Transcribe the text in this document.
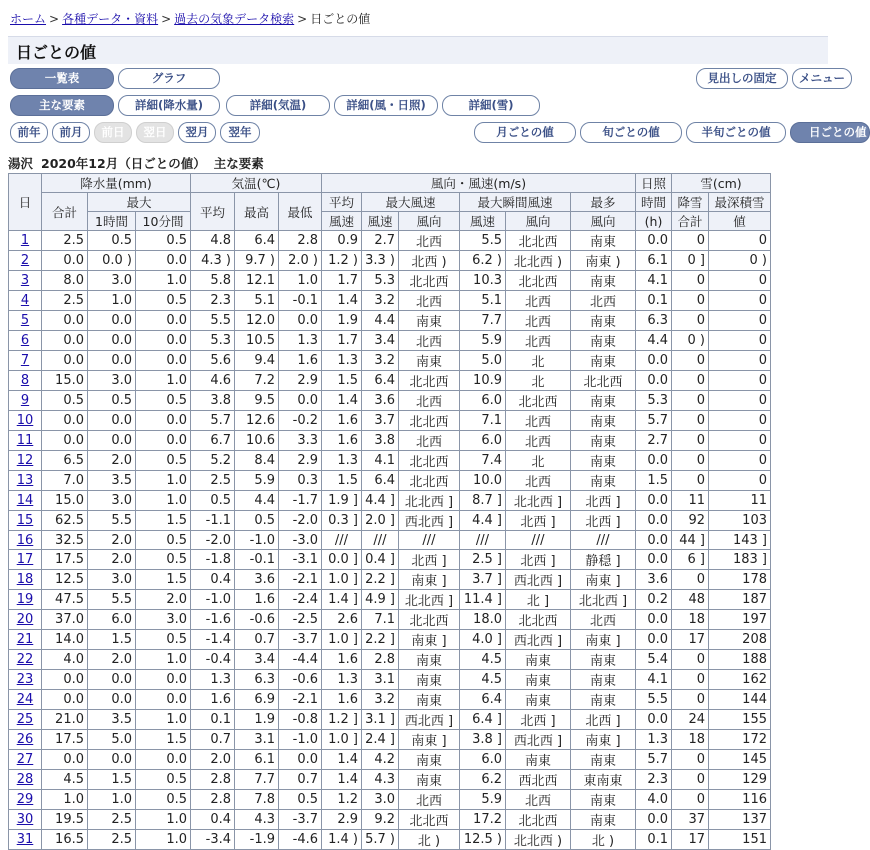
ホーム > 各種データ・資料 > 過去の気象データ検索 > 日ごとの値
日ごとの値
一覧表	グラフ	見出しの固定	メニュー
主な要素	詳細(降水量)	詳細(気温)	詳細(風・日照)	詳細(雪)
前年	前月	前日	翌日	翌月	翌年	月ごとの値	旬ごとの値	半旬ごとの値	日ごとの値
湯沢 2020年12月（日ごとの値） 主な要素
日	降水量(mm)			気温(℃)			風向・風速(m/s)						日照	雪(cm)	
	合計	最大		平均	最高	最低	平均	最大風速		最大瞬間風速		最多	時間	降雪	最深積雪
		1時間	10分間				風速	風速	風向	風速	風向	風向	(h)	合計	値
1	2.5	0.5	0.5	4.8	6.4	2.8	0.9	2.7	北西	5.5	北北西	南東	0.0	0	0
2	0.0	0.0 )	0.0	4.3 )	9.7 )	2.0 )	1.2 )	3.3 )	北西 )	6.2 )	北北西 )	南東 )	6.1	0 ]	0 )
3	8.0	3.0	1.0	5.8	12.1	1.0	1.7	5.3	北北西	10.3	北北西	南東	4.1	0	0
4	2.5	1.0	0.5	2.3	5.1	-0.1	1.4	3.2	北西	5.1	北西	北西	0.1	0	0
5	0.0	0.0	0.0	5.5	12.0	0.0	1.9	4.4	南東	7.7	北西	南東	6.3	0	0
6	0.0	0.0	0.0	5.3	10.5	1.3	1.7	3.4	北西	5.9	北西	南東	4.4	0 )	0
7	0.0	0.0	0.0	5.6	9.4	1.6	1.3	3.2	南東	5.0	北	南東	0.0	0	0
8	15.0	3.0	1.0	4.6	7.2	2.9	1.5	6.4	北北西	10.9	北	北北西	0.0	0	0
9	0.5	0.5	0.5	3.8	9.5	0.0	1.4	3.6	北西	6.0	北北西	南東	5.3	0	0
10	0.0	0.0	0.0	5.7	12.6	-0.2	1.6	3.7	北北西	7.1	北西	南東	5.7	0	0
11	0.0	0.0	0.0	6.7	10.6	3.3	1.6	3.8	北西	6.0	北西	南東	2.7	0	0
12	6.5	2.0	0.5	5.2	8.4	2.9	1.3	4.1	北北西	7.4	北	南東	0.0	0	0
13	7.0	3.5	1.0	2.5	5.9	0.3	1.5	6.4	北北西	10.0	北西	南東	1.5	0	0
14	15.0	3.0	1.0	0.5	4.4	-1.7	1.9 ]	4.4 ]	北北西 ]	8.7 ]	北北西 ]	北西 ]	0.0	11	11
15	62.5	5.5	1.5	-1.1	0.5	-2.0	0.3 ]	2.0 ]	西北西 ]	4.4 ]	北西 ]	北西 ]	0.0	92	103
16	32.5	2.0	0.5	-2.0	-1.0	-3.0	///	///	///	///	///	///	0.0	44 ]	143 ]
17	17.5	2.0	0.5	-1.8	-0.1	-3.1	0.0 ]	0.4 ]	北西 ]	2.5 ]	北西 ]	静穏 ]	0.0	6 ]	183 ]
18	12.5	3.0	1.5	0.4	3.6	-2.1	1.0 ]	2.2 ]	南東 ]	3.7 ]	西北西 ]	南東 ]	3.6	0	178
19	47.5	5.5	2.0	-1.0	1.6	-2.4	1.4 ]	4.9 ]	北北西 ]	11.4 ]	北 ]	北北西 ]	0.2	48	187
20	37.0	6.0	3.0	-1.6	-0.6	-2.5	2.6	7.1	北北西	18.0	北北西	北西	0.0	18	197
21	14.0	1.5	0.5	-1.4	0.7	-3.7	1.0 ]	2.2 ]	南東 ]	4.0 ]	西北西 ]	南東 ]	0.0	17	208
22	4.0	2.0	1.0	-0.4	3.4	-4.4	1.6	2.8	南東	4.5	南東	南東	5.4	0	188
23	0.0	0.0	0.0	1.3	6.3	-0.6	1.3	3.1	南東	4.5	南東	南東	4.1	0	162
24	0.0	0.0	0.0	1.6	6.9	-2.1	1.6	3.2	南東	6.4	南東	南東	5.5	0	144
25	21.0	3.5	1.0	0.1	1.9	-0.8	1.2 ]	3.1 ]	西北西 ]	6.4 ]	北西 ]	北西 ]	0.0	24	155
26	17.5	5.0	1.5	0.7	3.1	-1.0	1.0 ]	2.4 ]	南東 ]	3.8 ]	西北西 ]	南東 ]	1.3	18	172
27	0.0	0.0	0.0	2.0	6.1	0.0	1.4	4.2	南東	6.0	南東	南東	5.7	0	145
28	4.5	1.5	0.5	2.8	7.7	0.7	1.4	4.3	南東	6.2	西北西	東南東	2.3	0	129
29	1.0	1.0	0.5	2.8	7.8	0.5	1.2	3.0	北西	5.9	北西	南東	4.0	0	116
30	19.5	2.5	1.0	0.4	4.3	-3.7	2.9	9.2	北北西	17.2	北北西	南東	0.0	37	137
31	16.5	2.5	1.0	-3.4	-1.9	-4.6	1.4 )	5.7 )	北 )	12.5 )	北北西 )	北 )	0.1	17	151
